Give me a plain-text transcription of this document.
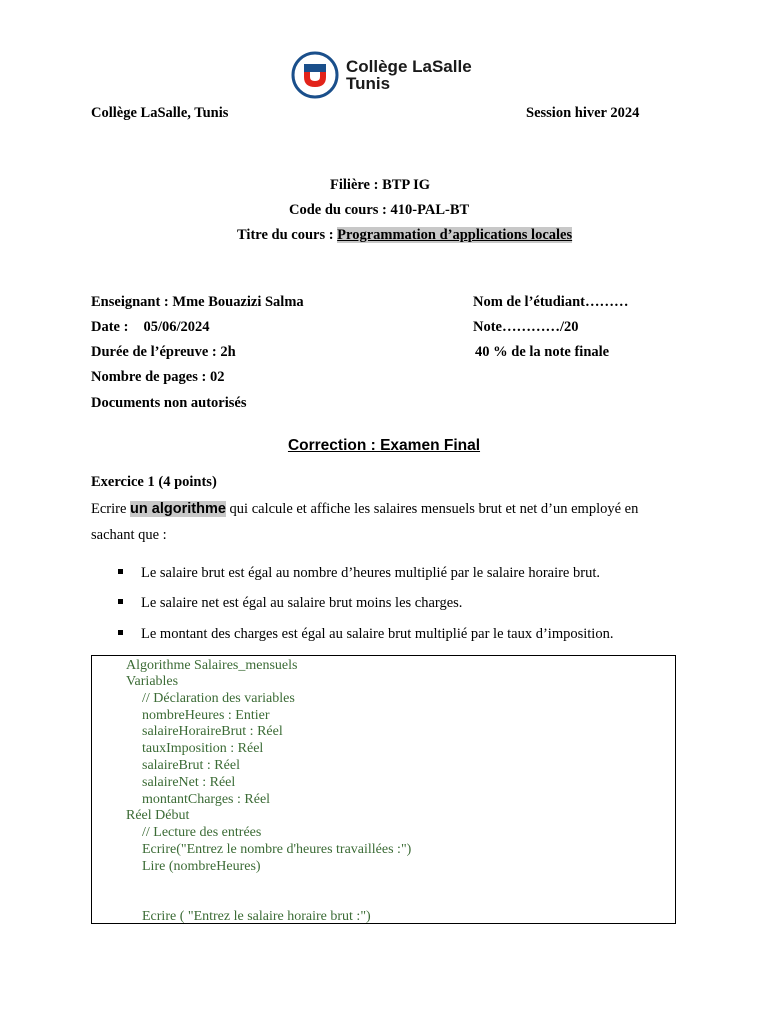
Collège LaSalle
Tunis
Collège LaSalle, Tunis	Session hiver 2024
Filière : BTP IG
Code du cours : 410-PAL-BT
Titre du cours : Programmation d’applications locales
Enseignant : Mme Bouazizi Salma
Date : 05/06/2024
Durée de l’épreuve : 2h
Nombre de pages : 02
Documents non autorisés
Nom de l’étudiant………
Note…………/20
40 % de la note finale
Correction : Examen Final
Exercice 1 (4 points)
Ecrire un algorithme qui calcule et affiche les salaires mensuels brut et net d’un employé en
sachant que :
Le salaire brut est égal au nombre d’heures multiplié par le salaire horaire brut.
Le salaire net est égal au salaire brut moins les charges.
Le montant des charges est égal au salaire brut multiplié par le taux d’imposition.
Algorithme Salaires_mensuels
Variables
// Déclaration des variables
nombreHeures : Entier
salaireHoraireBrut : Réel
tauxImposition : Réel
salaireBrut : Réel
salaireNet : Réel
montantCharges : Réel
Réel Début
// Lecture des entrées
Ecrire("Entrez le nombre d'heures travaillées :")
Lire (nombreHeures)
Ecrire ( "Entrez le salaire horaire brut :")
